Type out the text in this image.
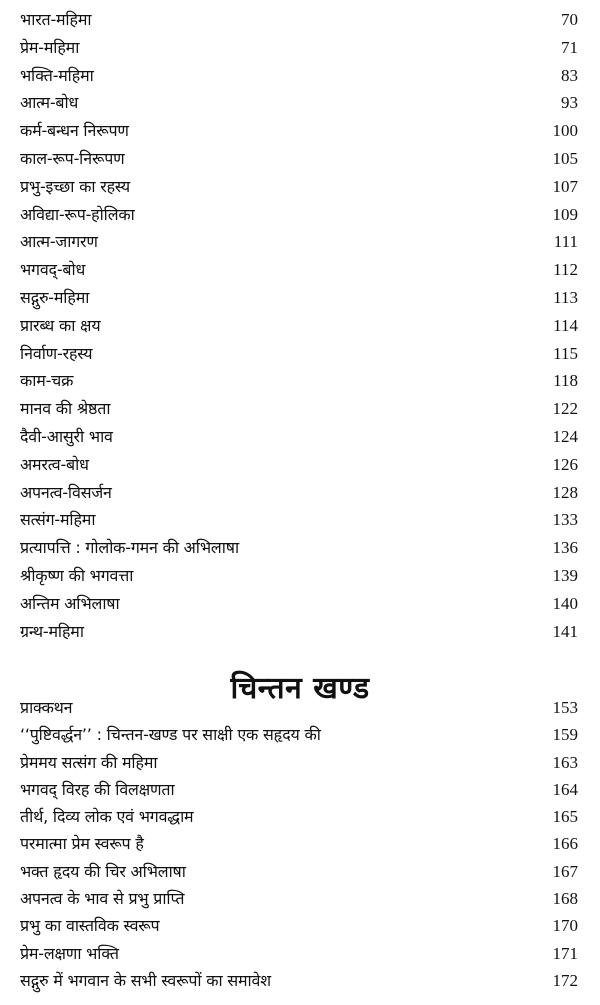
भारत-महिमा	70
प्रेम-महिमा	71
भक्ति-महिमा	83
आत्म-बोध	93
कर्म-बन्धन निरूपण	100
काल-रूप-निरूपण	105
प्रभु-इच्छा का रहस्य	107
अविद्या-रूप-होलिका	109
आत्म-जागरण	111
भगवद्-बोध	112
सद्गुरु-महिमा	113
प्रारब्ध का क्षय	114
निर्वाण-रहस्य	115
काम-चक्र	118
मानव की श्रेष्ठता	122
दैवी-आसुरी भाव	124
अमरत्व-बोध	126
अपनत्व-विसर्जन	128
सत्संग-महिमा	133
प्रत्यापत्ति : गोलोक-गमन की अभिलाषा	136
श्रीकृष्ण की भगवत्ता	139
अन्तिम अभिलाषा	140
ग्रन्थ-महिमा	141
चिन्तन खण्ड
प्राक्कथन	153
‘‘पुष्टिवर्द्धन’’ : चिन्तन-खण्ड पर साक्षी एक सहृदय की	159
प्रेममय सत्संग की महिमा	163
भगवद् विरह की विलक्षणता	164
तीर्थ, दिव्य लोक एवं भगवद्धाम	165
परमात्मा प्रेम स्वरूप है	166
भक्त हृदय की चिर अभिलाषा	167
अपनत्व के भाव से प्रभु प्राप्ति	168
प्रभु का वास्तविक स्वरूप	170
प्रेम-लक्षणा भक्ति	171
सद्गुरु में भगवान के सभी स्वरूपों का समावेश	172
